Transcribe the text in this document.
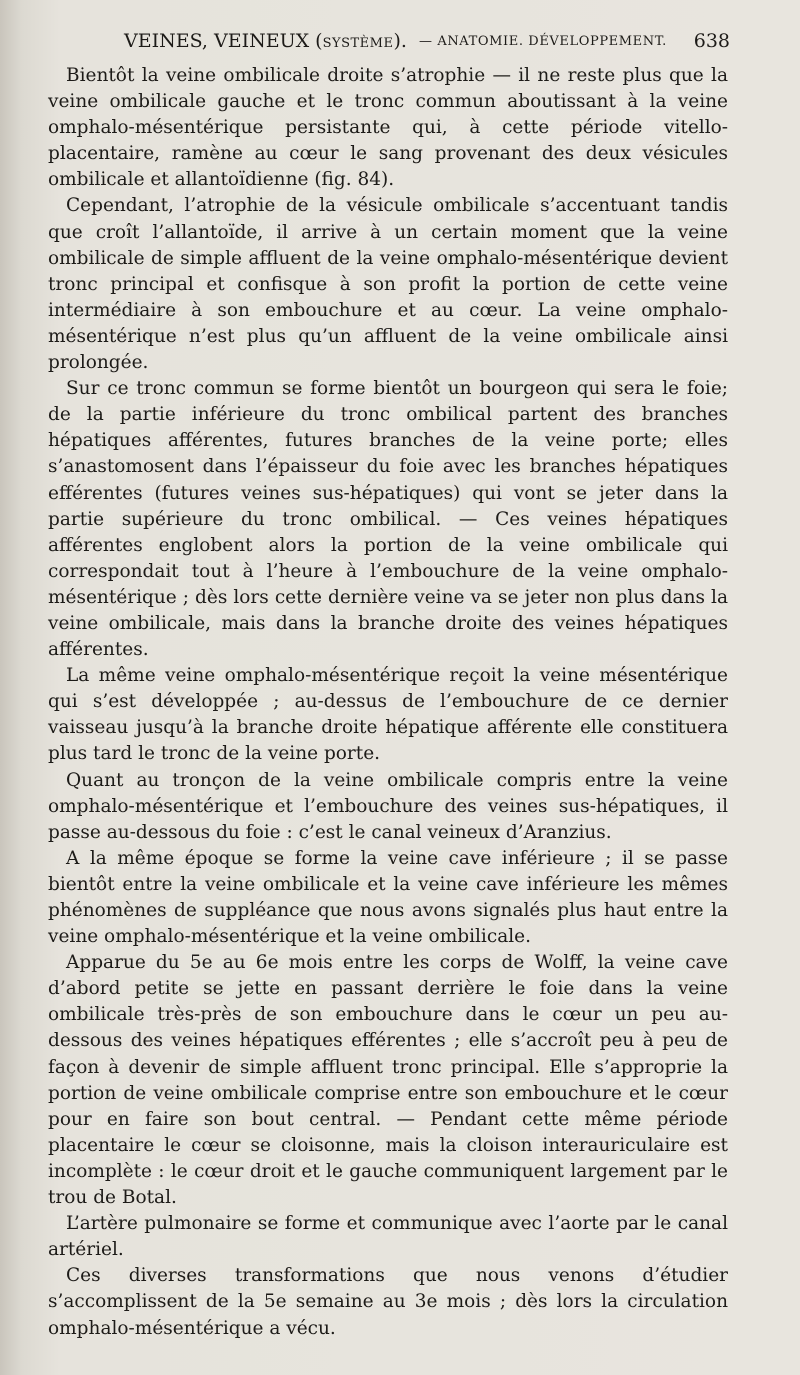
VEINES, VEINEUX (SYSTÈME). — ANATOMIE. DÉVELOPPEMENT. 638

Bientôt la veine ombilicale droite s’atrophie — il ne reste plus que la veine ombilicale gauche et le tronc commun aboutissant à la veine omphalo-mésentérique persistante qui, à cette période vitello-placentaire, ramène au cœur le sang provenant des deux vésicules ombilicale et allantoïdienne (fig. 84).

Cependant, l’atrophie de la vésicule ombilicale s’accentuant tandis que croît l’allantoïde, il arrive à un certain moment que la veine ombilicale de simple affluent de la veine omphalo-mésentérique devient tronc principal et confisque à son profit la portion de cette veine intermédiaire à son embouchure et au cœur. La veine omphalo-mésentérique n’est plus qu’un affluent de la veine ombilicale ainsi prolongée.

Sur ce tronc commun se forme bientôt un bourgeon qui sera le foie; de la partie inférieure du tronc ombilical partent des branches hépatiques afférentes, futures branches de la veine porte; elles s’anastomosent dans l’épaisseur du foie avec les branches hépatiques efférentes (futures veines sus-hépatiques) qui vont se jeter dans la partie supérieure du tronc ombilical. — Ces veines hépatiques afférentes englobent alors la portion de la veine ombilicale qui correspondait tout à l’heure à l’embouchure de la veine omphalo-mésentérique ; dès lors cette dernière veine va se jeter non plus dans la veine ombilicale, mais dans la branche droite des veines hépatiques afférentes.

La même veine omphalo-mésentérique reçoit la veine mésentérique qui s’est développée ; au-dessus de l’embouchure de ce dernier vaisseau jusqu’à la branche droite hépatique afférente elle constituera plus tard le tronc de la veine porte.

Quant au tronçon de la veine ombilicale compris entre la veine omphalo-mésentérique et l’embouchure des veines sus-hépatiques, il passe au-dessous du foie : c’est le canal veineux d’Aranzius.

A la même époque se forme la veine cave inférieure ; il se passe bientôt entre la veine ombilicale et la veine cave inférieure les mêmes phénomènes de suppléance que nous avons signalés plus haut entre la veine omphalo-mésentérique et la veine ombilicale.

Apparue du 5e au 6e mois entre les corps de Wolff, la veine cave d’abord petite se jette en passant derrière le foie dans la veine ombilicale très-près de son embouchure dans le cœur un peu au-dessous des veines hépatiques efférentes ; elle s’accroît peu à peu de façon à devenir de simple affluent tronc principal. Elle s’approprie la portion de veine ombilicale comprise entre son embouchure et le cœur pour en faire son bout central. — Pendant cette même période placentaire le cœur se cloisonne, mais la cloison interauriculaire est incomplète : le cœur droit et le gauche communiquent largement par le trou de Botal.

L’artère pulmonaire se forme et communique avec l’aorte par le canal artériel.

Ces diverses transformations que nous venons d’étudier s’accomplissent de la 5e semaine au 3e mois ; dès lors la circulation omphalo-mésentérique a vécu.
